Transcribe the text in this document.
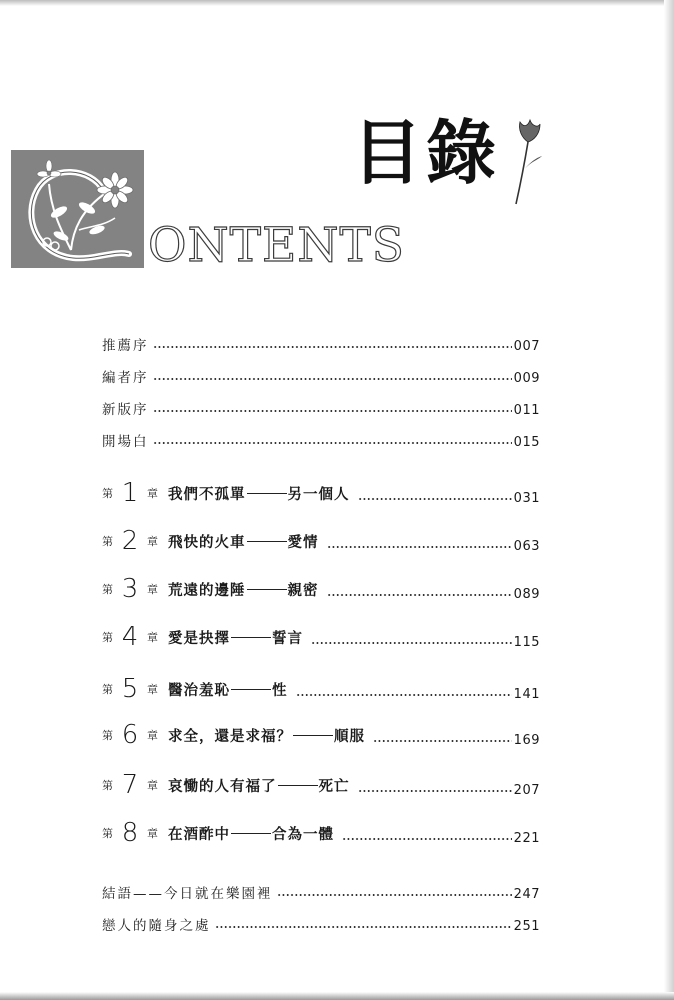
ONTENTS
目錄
推薦序	007
編者序	009
新版序	011
開場白	015
第 1 章 我們不孤單	另一個人	031
第 2 章 飛快的火車	愛情	063
第 3 章 荒遠的邊陲	親密	089
第 4 章 愛是抉擇	誓言	115
第 5 章 醫治羞恥	性	141
第 6 章 求全，還是求福？	順服	169
第 7 章 哀慟的人有福了	死亡	207
第 8 章 在酒酢中	合為一體	221
結語——今日就在樂園裡	247
戀人的隨身之處	251
